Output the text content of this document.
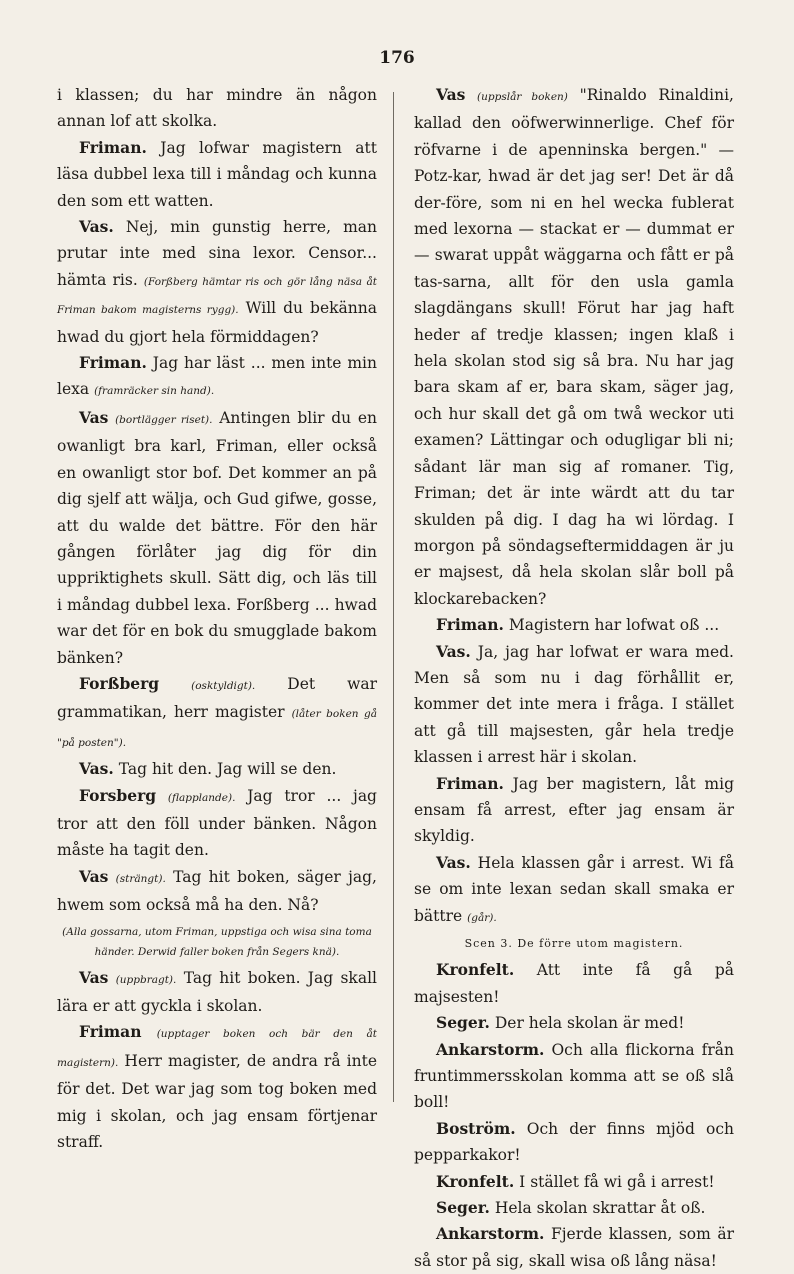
176

i klassen; du har mindre än någon annan lof att skolka.

Friman. Jag lofwar magistern att läsa dubbel lexa till i måndag och kunna den som ett watten.

Vas. Nej, min gunstig herre, man prutar inte med sina lexor. Censor... hämta ris. (Forßberg hämtar ris och gör lång näsa åt Friman bakom magisterns rygg). Will du bekänna hwad du gjort hela förmiddagen?

Friman. Jag har läst ... men inte min lexa (framräcker sin hand).

Vas (bortlägger riset). Antingen blir du en owanligt bra karl, Friman, eller också en owanligt stor bof. Det kommer an på dig sjelf att wälja, och Gud gifwe, gosse, att du walde det bättre. För den här gången förlåter jag dig för din uppriktighets skull. Sätt dig, och läs till i måndag dubbel lexa. Forßberg ... hwad war det för en bok du smugglade bakom bänken?

Forßberg	(osktyldigt). Det war grammatikan, herr magister (låter boken gå "på posten").

Vas. Tag hit den. Jag will se den.

Forsberg (flapplande). Jag tror ... jag tror att den föll under bänken. Någon måste ha tagit den.

Vas (strängt). Tag hit boken, säger jag, hwem som också må ha den. Nå?

(Alla gossarna, utom Friman, uppstiga och wisa sina toma händer. Derwid faller boken från Segers knä).

Vas (uppbragt). Tag hit boken. Jag skall lära er att gyckla i skolan.

Friman (upptager boken och bär den åt magistern). Herr magister, de andra rå inte för det. Det war jag som tog boken med mig i skolan, och jag ensam förtjenar straff.

Vas (uppslår boken) "Rinaldo Rinaldini, kallad den oöfwerwinnerlige. Chef för röfvarne i de apenninska bergen." — Potz-kar, hwad är det jag ser! Det är då der-före, som ni en hel wecka fublerat med lexorna — stackat er — dummat er — swarat uppåt wäggarna och fått er på tas-sarna, allt för den usla gamla slagdängans skull! Förut har jag haft heder af tredje klassen; ingen klaß i hela skolan stod sig så bra. Nu har jag bara skam af er, bara skam, säger jag, och hur skall det gå om twå weckor uti examen? Lättingar och odugligar bli ni; sådant lär man sig af romaner. Tig, Friman; det är inte wärdt att du tar skulden på dig. I dag ha wi lördag. I morgon på söndagseftermiddagen är ju er majsest, då hela skolan slår boll på klockarebacken?

Friman. Magistern har lofwat oß ...

Vas. Ja, jag har lofwat er wara med. Men så som nu i dag förhållit er, kommer det inte mera i fråga. I stället att gå till majsesten, går hela tredje klassen i arrest här i skolan.

Friman. Jag ber magistern, låt mig ensam få arrest, efter jag ensam är skyldig.

Vas. Hela klassen går i arrest. Wi få se om inte lexan sedan skall smaka er bättre (går).

Scen 3. De förre utom magistern.

Kronfelt. Att inte få gå på majsesten!

Seger. Der hela skolan är med!

Ankarstorm. Och alla flickorna från fruntimmersskolan komma att se oß slå boll!

Boström. Och der finns mjöd och pepparkakor!

Kronfelt. I stället få wi gå i arrest!

Seger. Hela skolan skrattar åt oß.

Ankarstorm. Fjerde klassen, som är så stor på sig, skall wisa oß lång näsa!
